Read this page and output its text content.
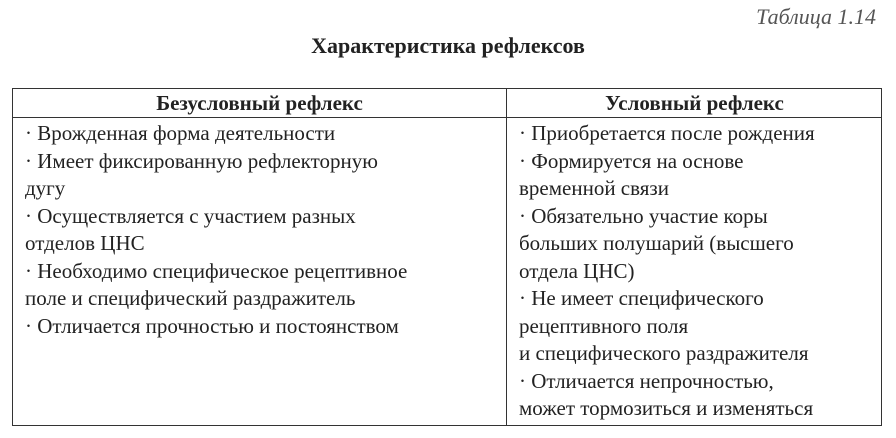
Таблица 1.14
Характеристика рефлексов
Безусловный рефлекс	Условный рефлекс

· Врожденная форма деятельности

· Имеет фиксированную рефлекторную
дугу

· Осуществляется с участием разных
отделов ЦНС

· Необходимо специфическое рецептивное
поле и специфический раздражитель

· Отличается прочностью и постоянством

· Приобретается после рождения

· Формируется на основе
временной связи

· Обязательно участие коры
больших полушарий (высшего
отдела ЦНС)

· Не имеет специфического
рецептивного поля
и специфического раздражителя

· Отличается непрочностью,
может тормозиться и изменяться
